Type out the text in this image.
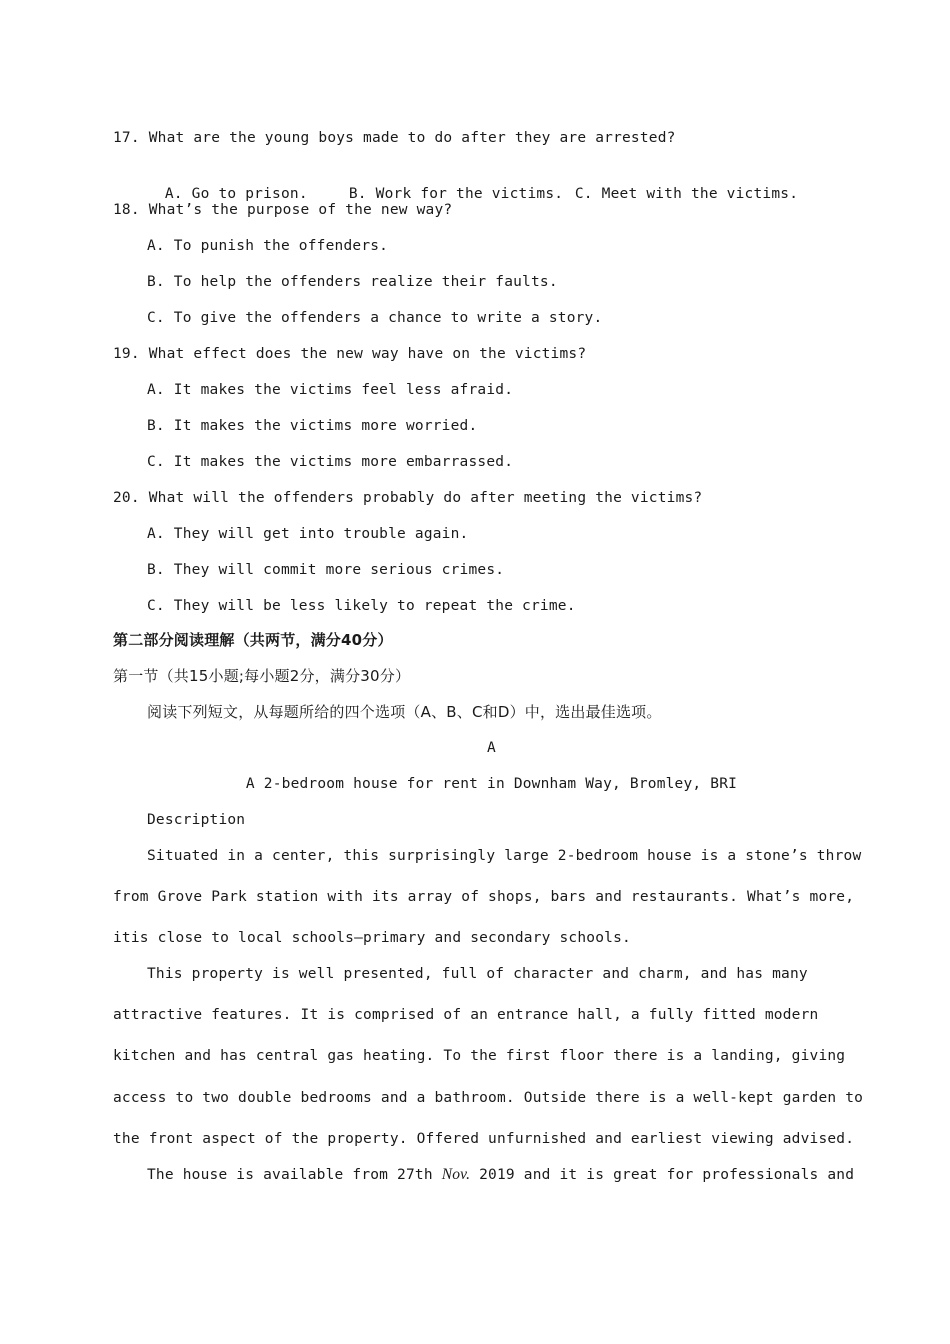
17. What are the young boys made to do after they are arrested?

A. Go to prison.	B. Work for the victims. C. Meet with the victims.

18. What’s the purpose of the new way?
A. To punish the offenders.
B. To help the offenders realize their faults.
C. To give the offenders a chance to write a story.
19. What effect does the new way have on the victims?
A. It makes the victims feel less afraid.
B. It makes the victims more worried.
C. It makes the victims more embarrassed.
20. What will the offenders probably do after meeting the victims?
A. They will get into trouble again.
B. They will commit more serious crimes.
C. They will be less likely to repeat the crime.
第二部分阅读理解（共两节，满分40分）
第一节（共15小题;每小题2分，满分30分）
阅读下列短文，从每题所给的四个选项（A、B、C和D）中，选出最佳选项。
A
A 2-bedroom house for rent in Downham Way, Bromley, BRI
Description
Situated in a center, this surprisingly large 2-bedroom house is a stone’s throw
from Grove Park station with its array of shops, bars and restaurants. What’s more,
itis close to local schools—primary and secondary schools.
This property is well presented, full of character and charm, and has many
attractive features. It is comprised of an entrance hall, a fully fitted modern
kitchen and has central gas heating. To the first floor there is a landing, giving
access to two double bedrooms and a bathroom. Outside there is a well-kept garden to
the front aspect of the property. Offered unfurnished and earliest viewing advised.
The house is available from 27th Nov. 2019 and it is great for professionals and
